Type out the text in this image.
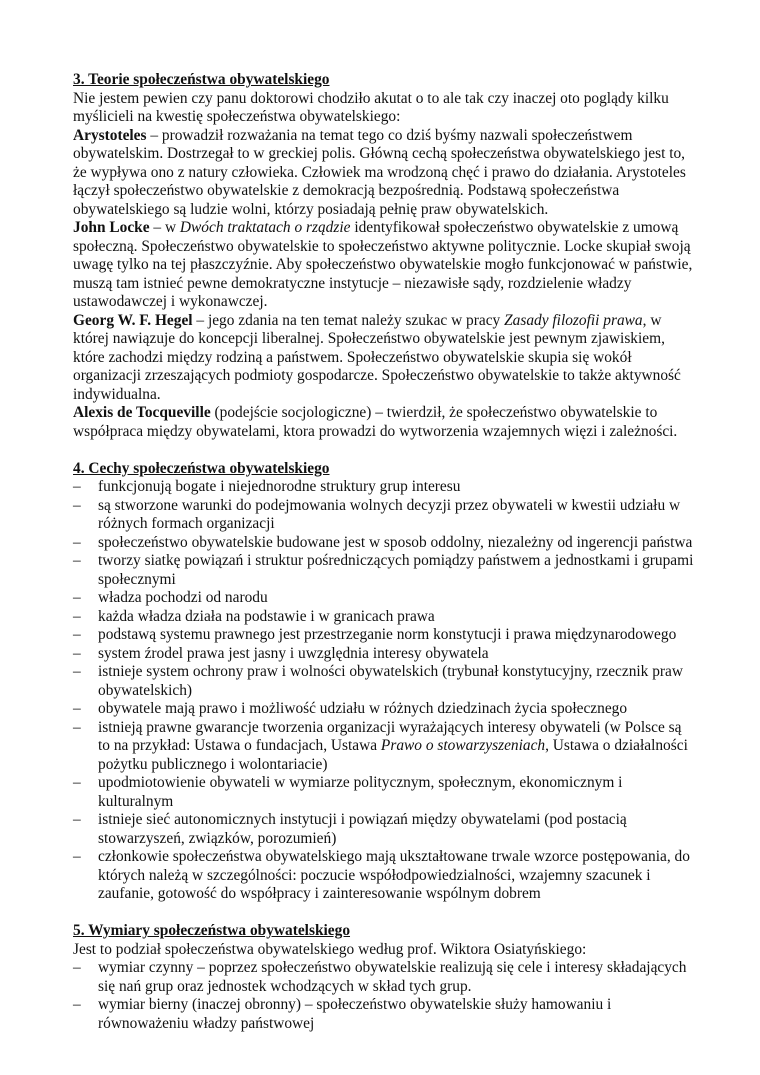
3. Teorie społeczeństwa obywatelskiego

Nie jestem pewien czy panu doktorowi chodziło akutat o to ale tak czy inaczej oto poglądy kilku myślicieli na kwestię społeczeństwa obywatelskiego:

Arystoteles – prowadził rozważania na temat tego co dziś byśmy nazwali społeczeństwem obywatelskim. Dostrzegał to w greckiej polis. Główną cechą społeczeństwa obywatelskiego jest to, że wypływa ono z natury człowieka. Człowiek ma wrodzoną chęć i prawo do działania. Arystoteles łączył społeczeństwo obywatelskie z demokracją bezpośrednią. Podstawą społeczeństwa obywatelskiego są ludzie wolni, którzy posiadają pełnię praw obywatelskich.

John Locke – w Dwóch traktatach o rządzie identyfikował społeczeństwo obywatelskie z umową społeczną. Społeczeństwo obywatelskie to społeczeństwo aktywne politycznie. Locke skupiał swoją uwagę tylko na tej płaszczyźnie. Aby społeczeństwo obywatelskie mogło funkcjonować w państwie, muszą tam istnieć pewne demokratyczne instytucje – niezawisłe sądy, rozdzielenie władzy ustawodawczej i wykonawczej.

Georg W. F. Hegel – jego zdania na ten temat należy szukac w pracy Zasady filozofii prawa, w której nawiązuje do koncepcji liberalnej. Społeczeństwo obywatelskie jest pewnym zjawiskiem, które zachodzi między rodziną a państwem. Społeczeństwo obywatelskie skupia się wokół organizacji zrzeszających podmioty gospodarcze. Społeczeństwo obywatelskie to także aktywność indywidualna.

Alexis de Tocqueville (podejście socjologiczne) – twierdził, że społeczeństwo obywatelskie to współpraca między obywatelami, ktora prowadzi do wytworzenia wzajemnych więzi i zależności.

4. Cechy społeczeństwa obywatelskiego
– funkcjonują bogate i niejednorodne struktury grup interesu
– są stworzone warunki do podejmowania wolnych decyzji przez obywateli w kwestii udziału w różnych formach organizacji
– społeczeństwo obywatelskie budowane jest w sposob oddolny, niezależny od ingerencji państwa
– tworzy siatkę powiązań i struktur pośredniczących pomiądzy państwem a jednostkami i grupami społecznymi
– władza pochodzi od narodu
– każda władza działa na podstawie i w granicach prawa
– podstawą systemu prawnego jest przestrzeganie norm konstytucji i prawa międzynarodowego
– system źrodel prawa jest jasny i uwzględnia interesy obywatela
– istnieje system ochrony praw i wolności obywatelskich (trybunał konstytucyjny, rzecznik praw obywatelskich)
– obywatele mają prawo i możliwość udziału w różnych dziedzinach życia społecznego
– istnieją prawne gwarancje tworzenia organizacji wyrażających interesy obywateli (w Polsce są to na przykład: Ustawa o fundacjach, Ustawa Prawo o stowarzyszeniach, Ustawa o działalności pożytku publicznego i wolontariacie)
– upodmiotowienie obywateli w wymiarze politycznym, społecznym, ekonomicznym i kulturalnym
– istnieje sieć autonomicznych instytucji i powiązań między obywatelami (pod postacią stowarzyszeń, związków, porozumień)
– członkowie społeczeństwa obywatelskiego mają ukształtowane trwale wzorce postępowania, do których należą w szczególności: poczucie współodpowiedzialności, wzajemny szacunek i zaufanie, gotowość do współpracy i zainteresowanie wspólnym dobrem
5. Wymiary społeczeństwa obywatelskiego

Jest to podział społeczeństwa obywatelskiego według prof. Wiktora Osiatyńskiego:

– wymiar czynny – poprzez społeczeństwo obywatelskie realizują się cele i interesy składających się nań grup oraz jednostek wchodzących w skład tych grup.
– wymiar bierny (inaczej obronny) – społeczeństwo obywatelskie służy hamowaniu i równoważeniu władzy państwowej
